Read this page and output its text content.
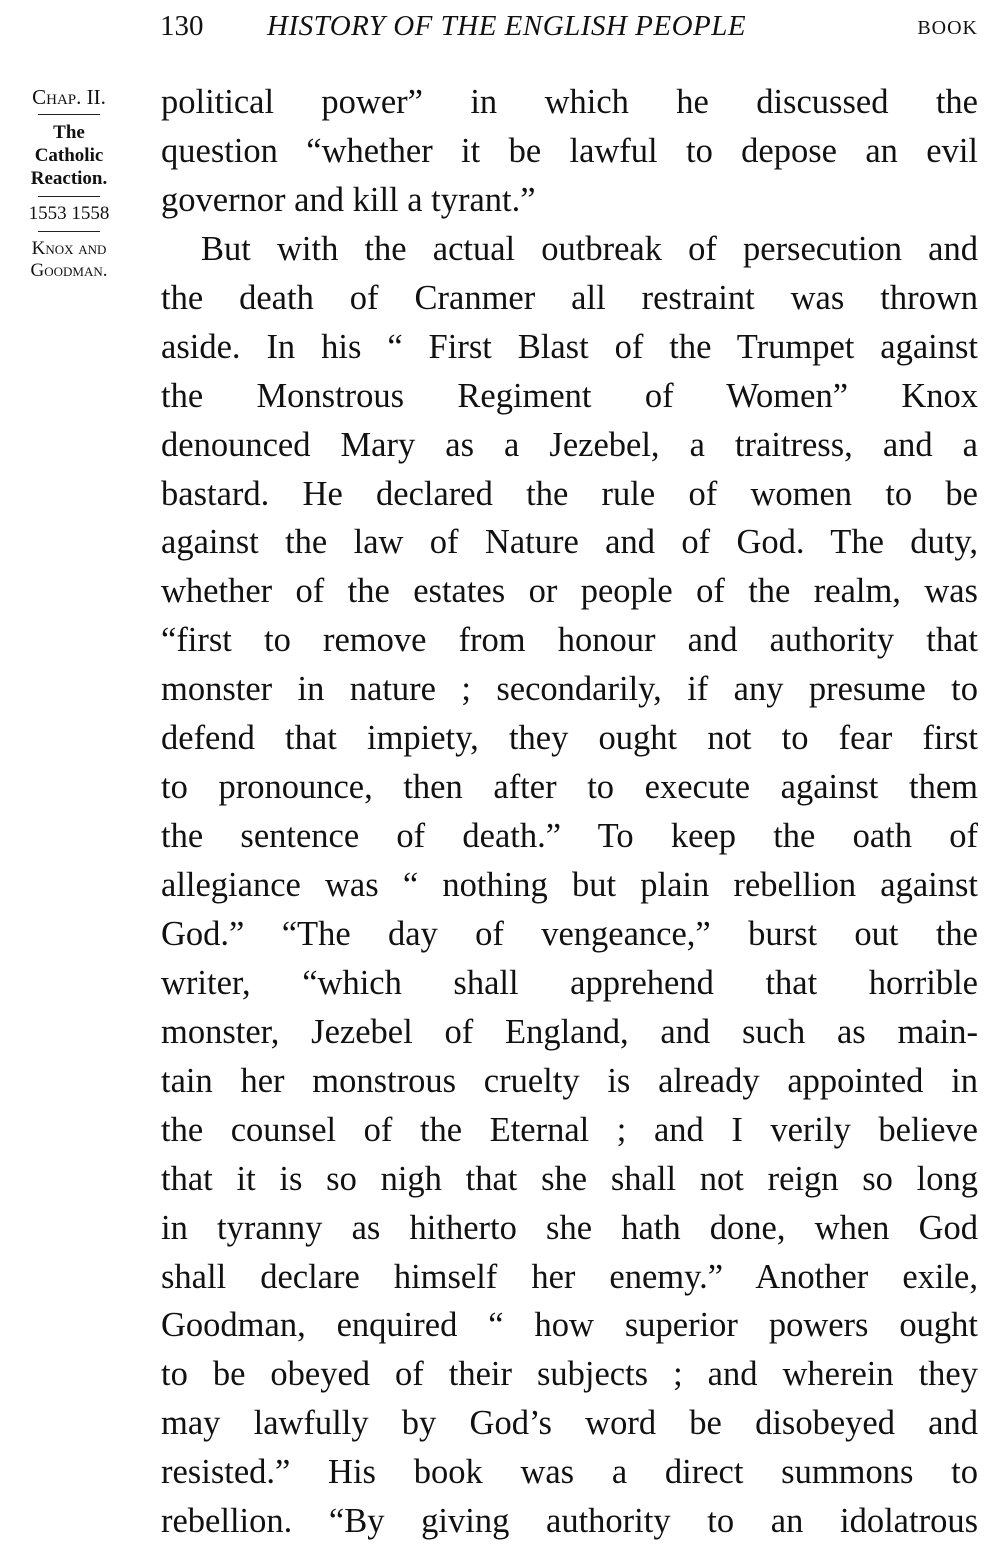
130 HISTORY OF THE ENGLISH PEOPLE	BOOK
Chap. II.
The
Catholic
Reaction.
1553 1558
Knox and
Goodman.
political power” in which he discussed the
question “whether it be lawful to depose an evil
governor and kill a tyrant.”
But with the actual outbreak of persecution and
the death of Cranmer all restraint was thrown
aside. In his “ First Blast of the Trumpet against
the Monstrous Regiment of Women” Knox
denounced Mary as a Jezebel, a traitress, and a
bastard. He declared the rule of women to be
against the law of Nature and of God. The duty,
whether of the estates or people of the realm, was
“first to remove from honour and authority that
monster in nature ; secondarily, if any presume to
defend that impiety, they ought not to fear first
to pronounce, then after to execute against them
the sentence of death.” To keep the oath of
allegiance was “ nothing but plain rebellion against
God.” “The day of vengeance,” burst out the
writer, “which shall apprehend that horrible
monster, Jezebel of England, and such as main-
tain her monstrous cruelty is already appointed in
the counsel of the Eternal ; and I verily believe
that it is so nigh that she shall not reign so long
in tyranny as hitherto she hath done, when God
shall declare himself her enemy.” Another exile,
Goodman, enquired “ how superior powers ought
to be obeyed of their subjects ; and wherein they
may lawfully by God’s word be disobeyed and
resisted.” His book was a direct summons to
rebellion. “By giving authority to an idolatrous
